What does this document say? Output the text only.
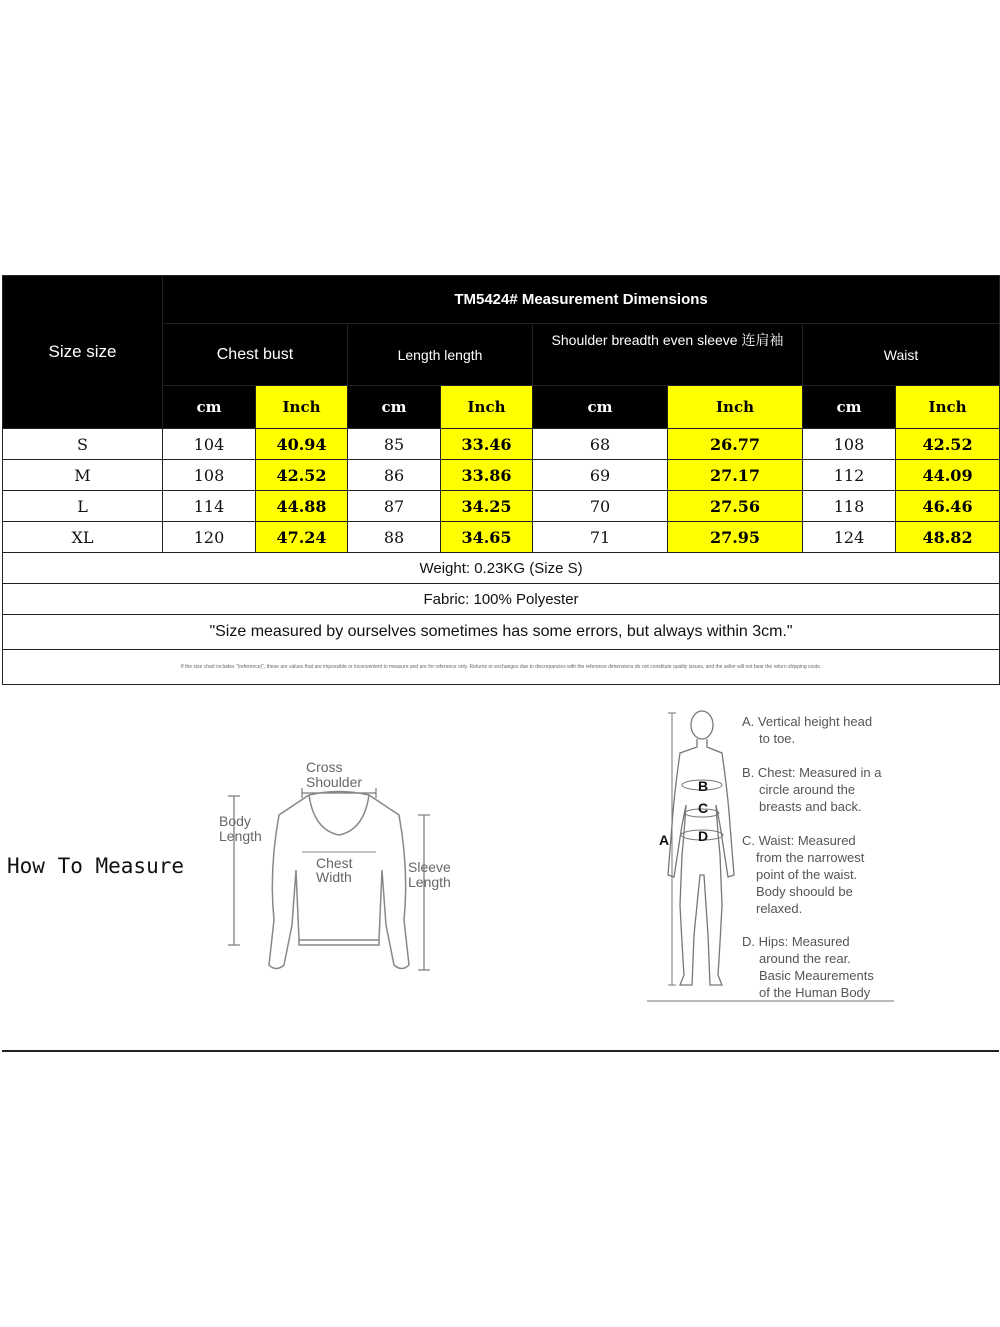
Size size	TM5424# Measurement Dimensions							
	Chest bust		Length length		Shoulder breadth even sleeve 连肩袖		Waist	
	cm	Inch	cm	Inch	cm	Inch	cm	Inch
S	104	40.94	85	33.46	68	26.77	108	42.52
M	108	42.52	86	33.86	69	27.17	112	44.09
L	114	44.88	87	34.25	70	27.56	118	46.46
XL	120	47.24	88	34.65	71	27.95	124	48.82
Weight: 0.23KG (Size S)								
Fabric: 100% Polyester								
"Size measured by ourselves sometimes has some errors, but always within 3cm."								
If the size chart includes "(reference)", these are values that are impossible or inconvenient to measure and are for reference only. Returns or exchanges due to discrepancies with the reference dimensions do not constitute quality issues, and the seller will not bear the return shipping costs.								
How To Measure
Cross
Shoulder
Body
Length
Chest
Width
Sleeve
Length
A
B
C
D
A. Vertical height head
to toe.
B. Chest: Measured in a
circle around the
breasts and back.
C. Waist: Measured
from the narrowest
point of the waist.
Body shoould be
relaxed.
D. Hips: Measured
around the rear.
Basic Meaurements
of the Human Body
